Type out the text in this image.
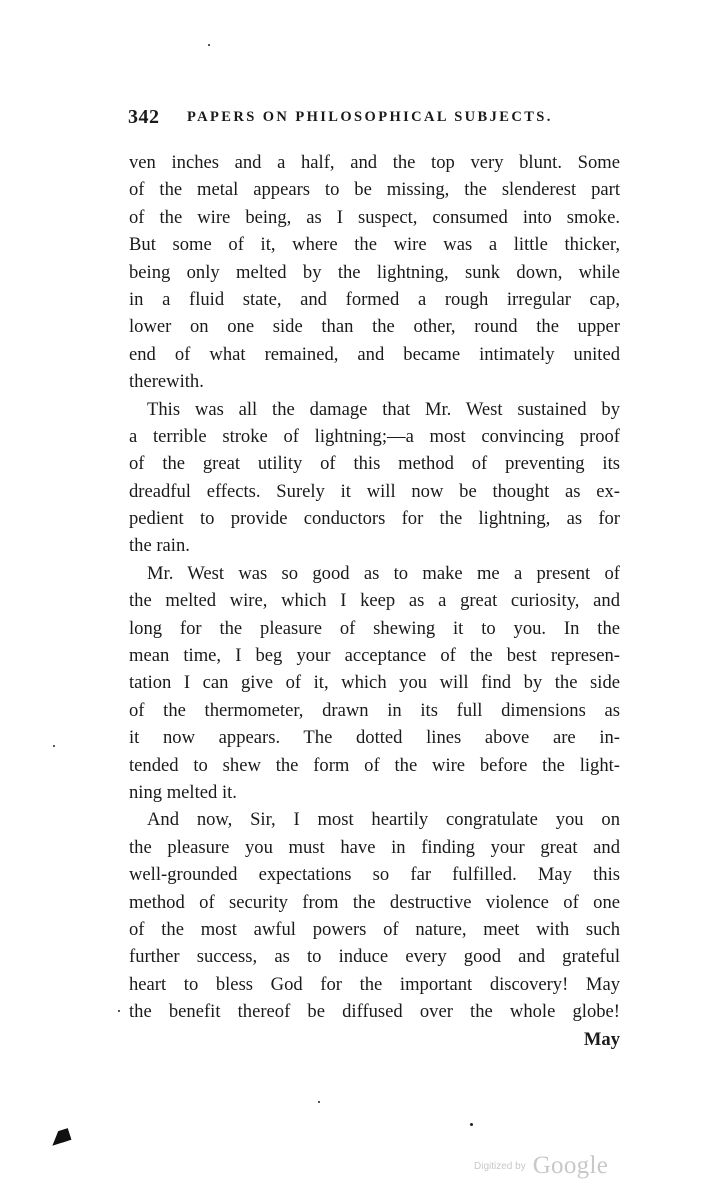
342 PAPERS ON PHILOSOPHICAL SUBJECTS.
ven inches and a half, and the top very blunt. Some
of the metal appears to be missing, the slenderest part
of the wire being, as I suspect, consumed into smoke.
But some of it, where the wire was a little thicker,
being only melted by the lightning, sunk down, while
in a fluid state, and formed a rough irregular cap,
lower on one side than the other, round the upper
end of what remained, and became intimately united
therewith.
This was all the damage that Mr. West sustained by
a terrible stroke of lightning;—a most convincing proof
of the great utility of this method of preventing its
dreadful effects. Surely it will now be thought as ex-
pedient to provide conductors for the lightning, as for
the rain.
Mr. West was so good as to make me a present of
the melted wire, which I keep as a great curiosity, and
long for the pleasure of shewing it to you. In the
mean time, I beg your acceptance of the best represen-
tation I can give of it, which you will find by the side
of the thermometer, drawn in its full dimensions as
it now appears. The dotted lines above are in-
tended to shew the form of the wire before the light-
ning melted it.
And now, Sir, I most heartily congratulate you on
the pleasure you must have in finding your great and
well-grounded expectations so far fulfilled. May this
method of security from the destructive violence of one
of the most awful powers of nature, meet with such
further success, as to induce every good and grateful
heart to bless God for the important discovery! May
the benefit thereof be diffused over the whole globe!
May
Digitized by Google
